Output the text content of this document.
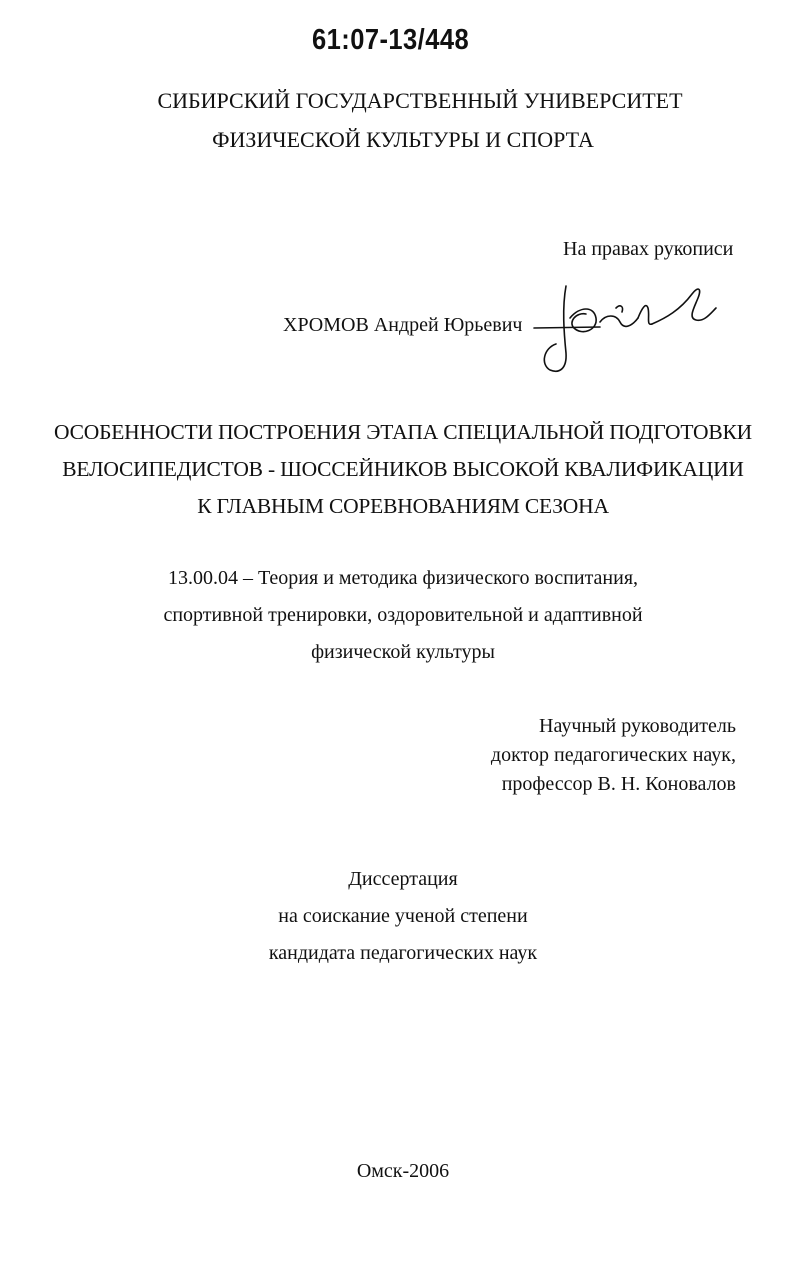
61:07-13/448
СИБИРСКИЙ ГОСУДАРСТВЕННЫЙ УНИВЕРСИТЕТ
ФИЗИЧЕСКОЙ КУЛЬТУРЫ И СПОРТА
На правах рукописи
ХРОМОВ Андрей Юрьевич
ОСОБЕННОСТИ ПОСТРОЕНИЯ ЭТАПА СПЕЦИАЛЬНОЙ ПОДГОТОВКИ
ВЕЛОСИПЕДИСТОВ - ШОССЕЙНИКОВ ВЫСОКОЙ КВАЛИФИКАЦИИ
К ГЛАВНЫМ СОРЕВНОВАНИЯМ СЕЗОНА
13.00.04 – Теория и методика физического воспитания,
спортивной тренировки, оздоровительной и адаптивной
физической культуры
Научный руководитель
доктор педагогических наук,
профессор В. Н. Коновалов
Диссертация
на соискание ученой степени
кандидата педагогических наук
Омск-2006
